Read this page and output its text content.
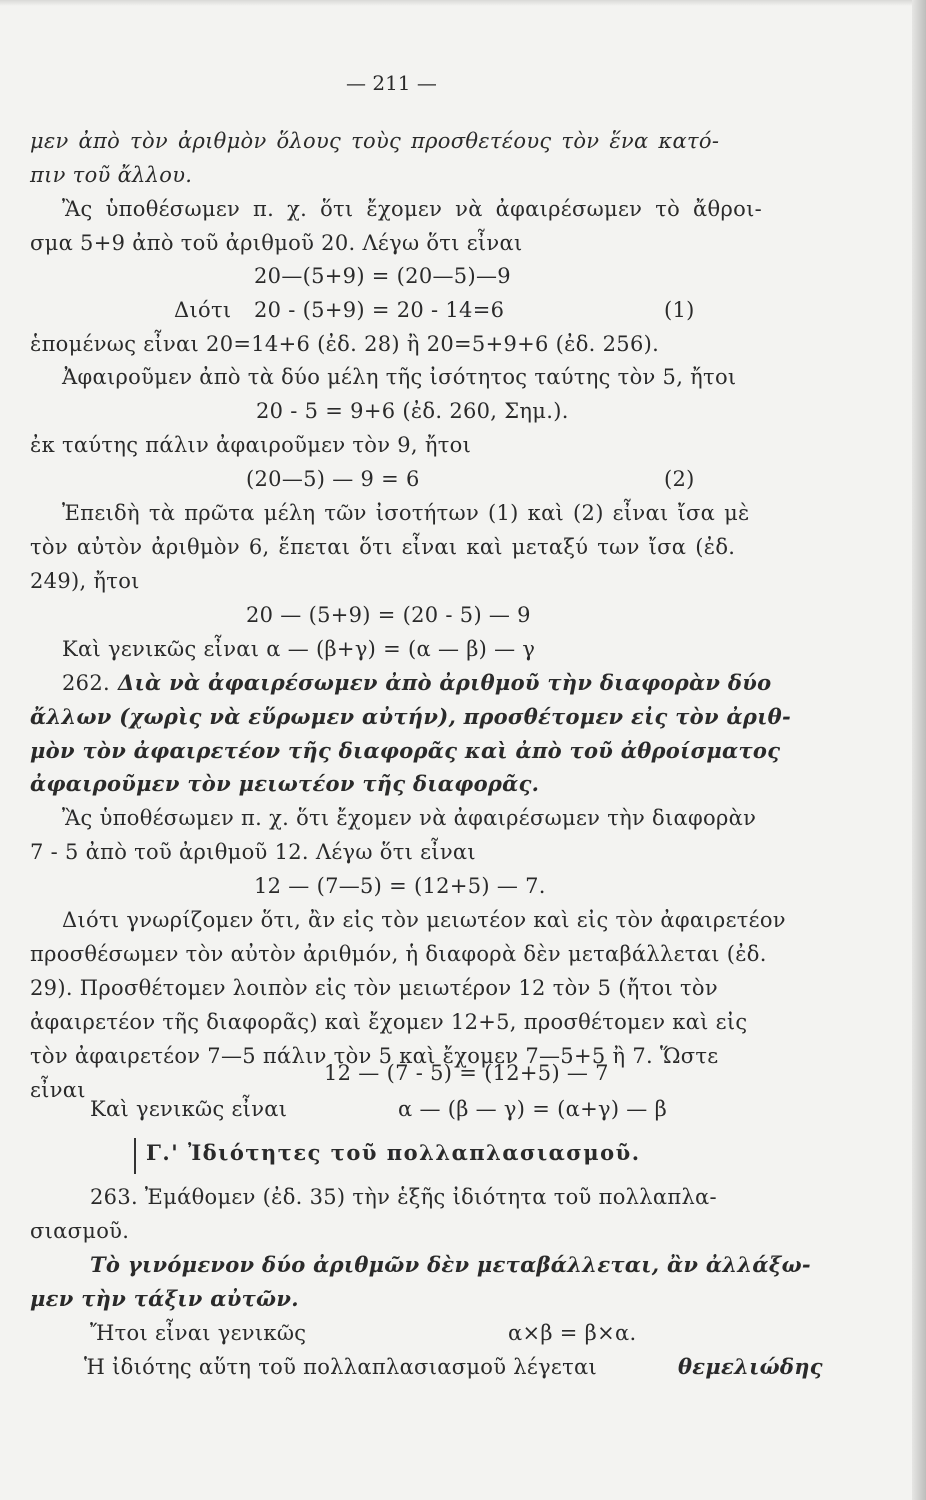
— 211 —
μεν ἀπὸ τὸν ἀριθμὸν ὅλους τοὺς προσθετέους τὸν ἕνα κατό-
πιν τοῦ ἄλλου.
Ἂς ὑποθέσωμεν π. χ. ὅτι ἔχομεν νὰ ἀφαιρέσωμεν τὸ ἄθροι-
σμα 5+9 ἀπὸ τοῦ ἀριθμοῦ 20. Λέγω ὅτι εἶναι
20—(5+9) = (20—5)—9
Διότι 20 - (5+9) = 20 - 14=6	(1)
ἑπομένως εἶναι 20=14+6 (ἐδ. 28) ἢ 20=5+9+6 (ἐδ. 256).
Ἀφαιροῦμεν ἀπὸ τὰ δύο μέλη τῆς ἰσότητος ταύτης τὸν 5, ἤτοι
20 - 5 = 9+6 (ἐδ. 260, Σημ.).
ἐκ ταύτης πάλιν ἀφαιροῦμεν τὸν 9, ἤτοι
(20—5) — 9 = 6	(2)
Ἐπειδὴ τὰ πρῶτα μέλη τῶν ἰσοτήτων (1) καὶ (2) εἶναι ἴσα μὲ
τὸν αὐτὸν ἀριθμὸν 6, ἕπεται ὅτι εἶναι καὶ μεταξύ των ἴσα (ἐδ.
249), ἤτοι
20 — (5+9) = (20 - 5) — 9
Καὶ γενικῶς εἶναι α — (β+γ) = (α — β) — γ
262. Διὰ νὰ ἀφαιρέσωμεν ἀπὸ ἀριθμοῦ τὴν διαφορὰν δύο
ἄλλων (χωρὶς νὰ εὕρωμεν αὐτήν), προσθέτομεν εἰς τὸν ἀριθ-
μὸν τὸν ἀφαιρετέον τῆς διαφορᾶς καὶ ἀπὸ τοῦ ἀθροίσματος
ἀφαιροῦμεν τὸν μειωτέον τῆς διαφορᾶς.
Ἂς ὑποθέσωμεν π. χ. ὅτι ἔχομεν νὰ ἀφαιρέσωμεν τὴν διαφορὰν
7 - 5 ἀπὸ τοῦ ἀριθμοῦ 12. Λέγω ὅτι εἶναι
12 — (7—5) = (12+5) — 7.
Διότι γνωρίζομεν ὅτι, ἂν εἰς τὸν μειωτέον καὶ εἰς τὸν ἀφαιρετέον
προσθέσωμεν τὸν αὐτὸν ἀριθμόν, ἡ διαφορὰ δὲν μεταβάλλεται (ἐδ.
29). Προσθέτομεν λοιπὸν εἰς τὸν μειωτέρον 12 τὸν 5 (ἤτοι τὸν
ἀφαιρετέον τῆς διαφορᾶς) καὶ ἔχομεν 12+5, προσθέτομεν καὶ εἰς
τὸν ἀφαιρετέον 7—5 πάλιν τὸν 5 καὶ ἔχομεν 7—5+5 ἢ 7. Ὥστε
εἶναι
12 — (7 - 5) = (12+5) — 7
Καὶ γενικῶς εἶναι	α — (β — γ) = (α+γ) — β
Γ.' Ἰδιότητες τοῦ πολλαπλασιασμοῦ.
263. Ἐμάθομεν (ἐδ. 35) τὴν ἑξῆς ἰδιότητα τοῦ πολλαπλα-
σιασμοῦ.
Τὸ γινόμενον δύο ἀριθμῶν δὲν μεταβάλλεται, ἂν ἀλλάξω-
μεν τὴν τάξιν αὐτῶν.
Ἤτοι εἶναι γενικῶς	α×β = β×α.
Ἡ ἰδιότης αὕτη τοῦ πολλαπλασιασμοῦ λέγεται	θεμελιώδης
